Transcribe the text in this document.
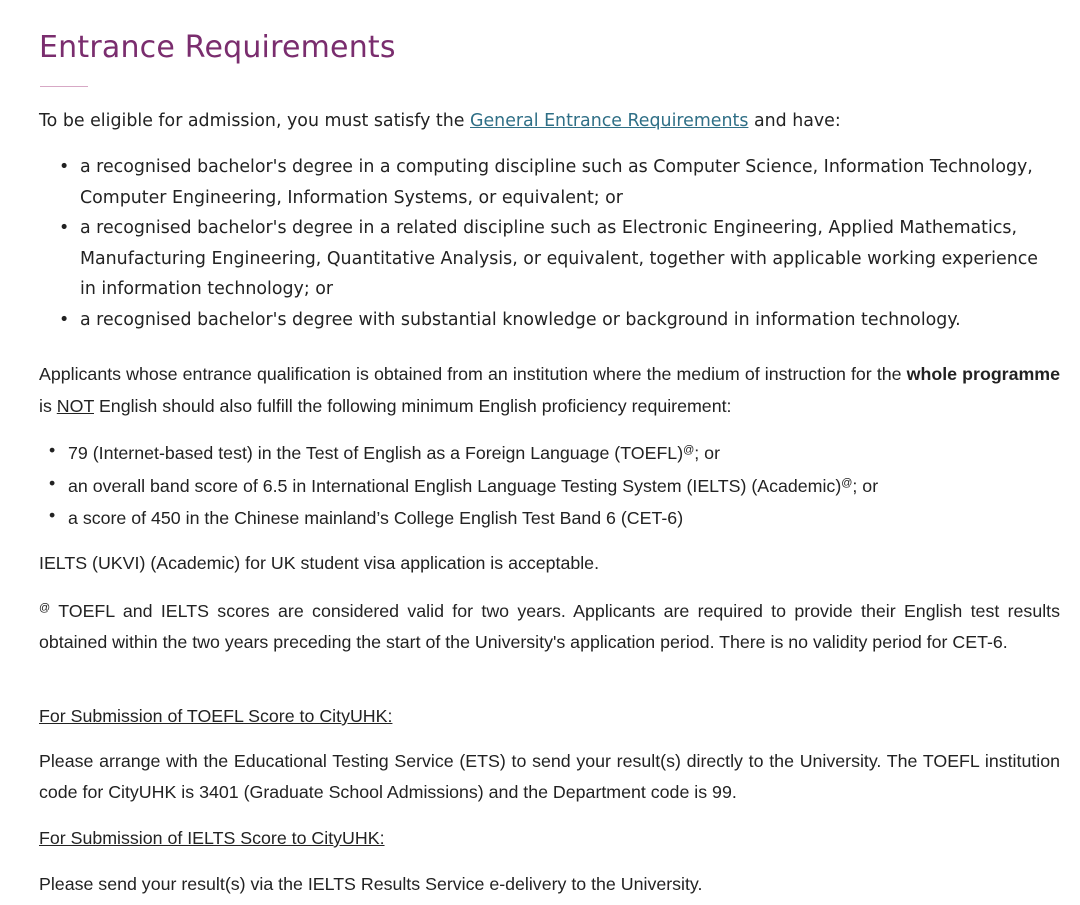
Entrance Requirements

To be eligible for admission, you must satisfy the General Entrance Requirements and have:

• a recognised bachelor's degree in a computing discipline such as Computer Science, Information Technology, Computer Engineering, Information Systems, or equivalent; or
• a recognised bachelor's degree in a related discipline such as Electronic Engineering, Applied Mathematics, Manufacturing Engineering, Quantitative Analysis, or equivalent, together with applicable working experience in information technology; or
• a recognised bachelor's degree with substantial knowledge or background in information technology.

Applicants whose entrance qualification is obtained from an institution where the medium of instruction for the whole programme is NOT English should also fulfill the following minimum English proficiency requirement:

• 79 (Internet-based test) in the Test of English as a Foreign Language (TOEFL)@; or
• an overall band score of 6.5 in International English Language Testing System (IELTS) (Academic)@; or
• a score of 450 in the Chinese mainland’s College English Test Band 6 (CET-6)

IELTS (UKVI) (Academic) for UK student visa application is acceptable.

@ TOEFL and IELTS scores are considered valid for two years. Applicants are required to provide their English test results obtained within the two years preceding the start of the University's application period. There is no validity period for CET-6.

For Submission of TOEFL Score to CityUHK:

Please arrange with the Educational Testing Service (ETS) to send your result(s) directly to the University. The TOEFL institution code for CityUHK is 3401 (Graduate School Admissions) and the Department code is 99.

For Submission of IELTS Score to CityUHK:

Please send your result(s) via the IELTS Results Service e-delivery to the University.
